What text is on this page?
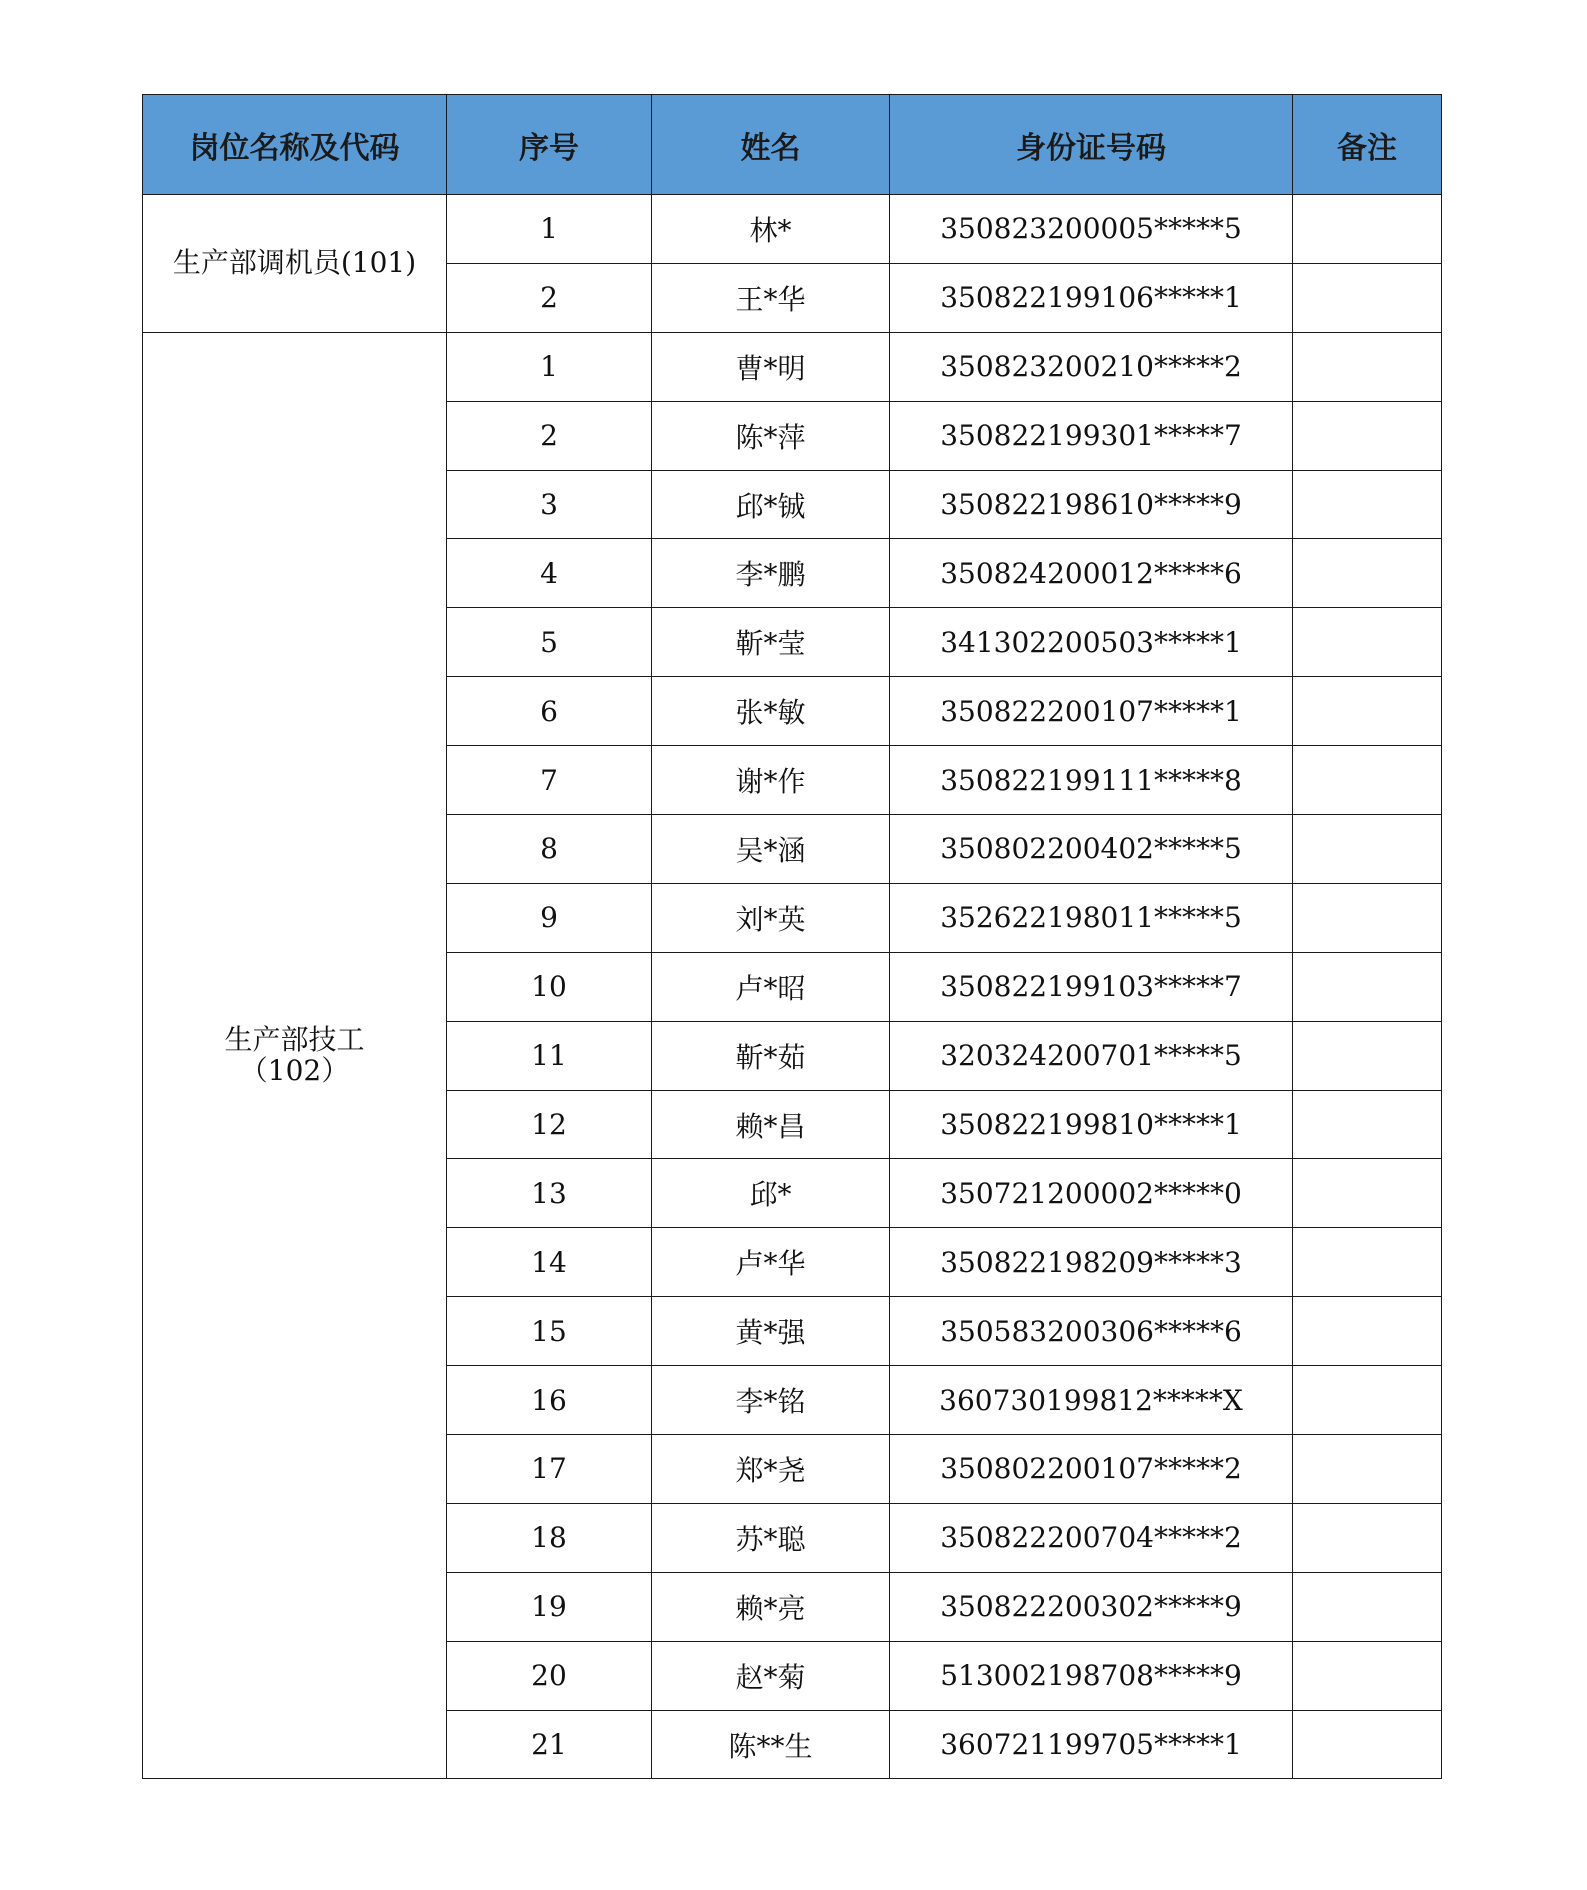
岗位名称及代码	序号	姓名	身份证号码	备注

生产部调机员(101)	1	林*	350823200005*****5	
	2	王*华	350822199106*****1	

生产部技工
（102）	1	曹*明	350823200210*****2	
	2	陈*萍	350822199301*****7	
	3	邱*铖	350822198610*****9	
	4	李*鹏	350824200012*****6	
	5	靳*莹	341302200503*****1	
	6	张*敏	350822200107*****1	
	7	谢*作	350822199111*****8	
	8	吴*涵	350802200402*****5	
	9	刘*英	352622198011*****5	
	10	卢*昭	350822199103*****7	
	11	靳*茹	320324200701*****5	
	12	赖*昌	350822199810*****1	
	13	邱*	350721200002*****0	
	14	卢*华	350822198209*****3	
	15	黄*强	350583200306*****6	
	16	李*铭	360730199812*****X	
	17	郑*尧	350802200107*****2	
	18	苏*聪	350822200704*****2	
	19	赖*亮	350822200302*****9	
	20	赵*菊	513002198708*****9	
	21	陈**生	360721199705*****1	
